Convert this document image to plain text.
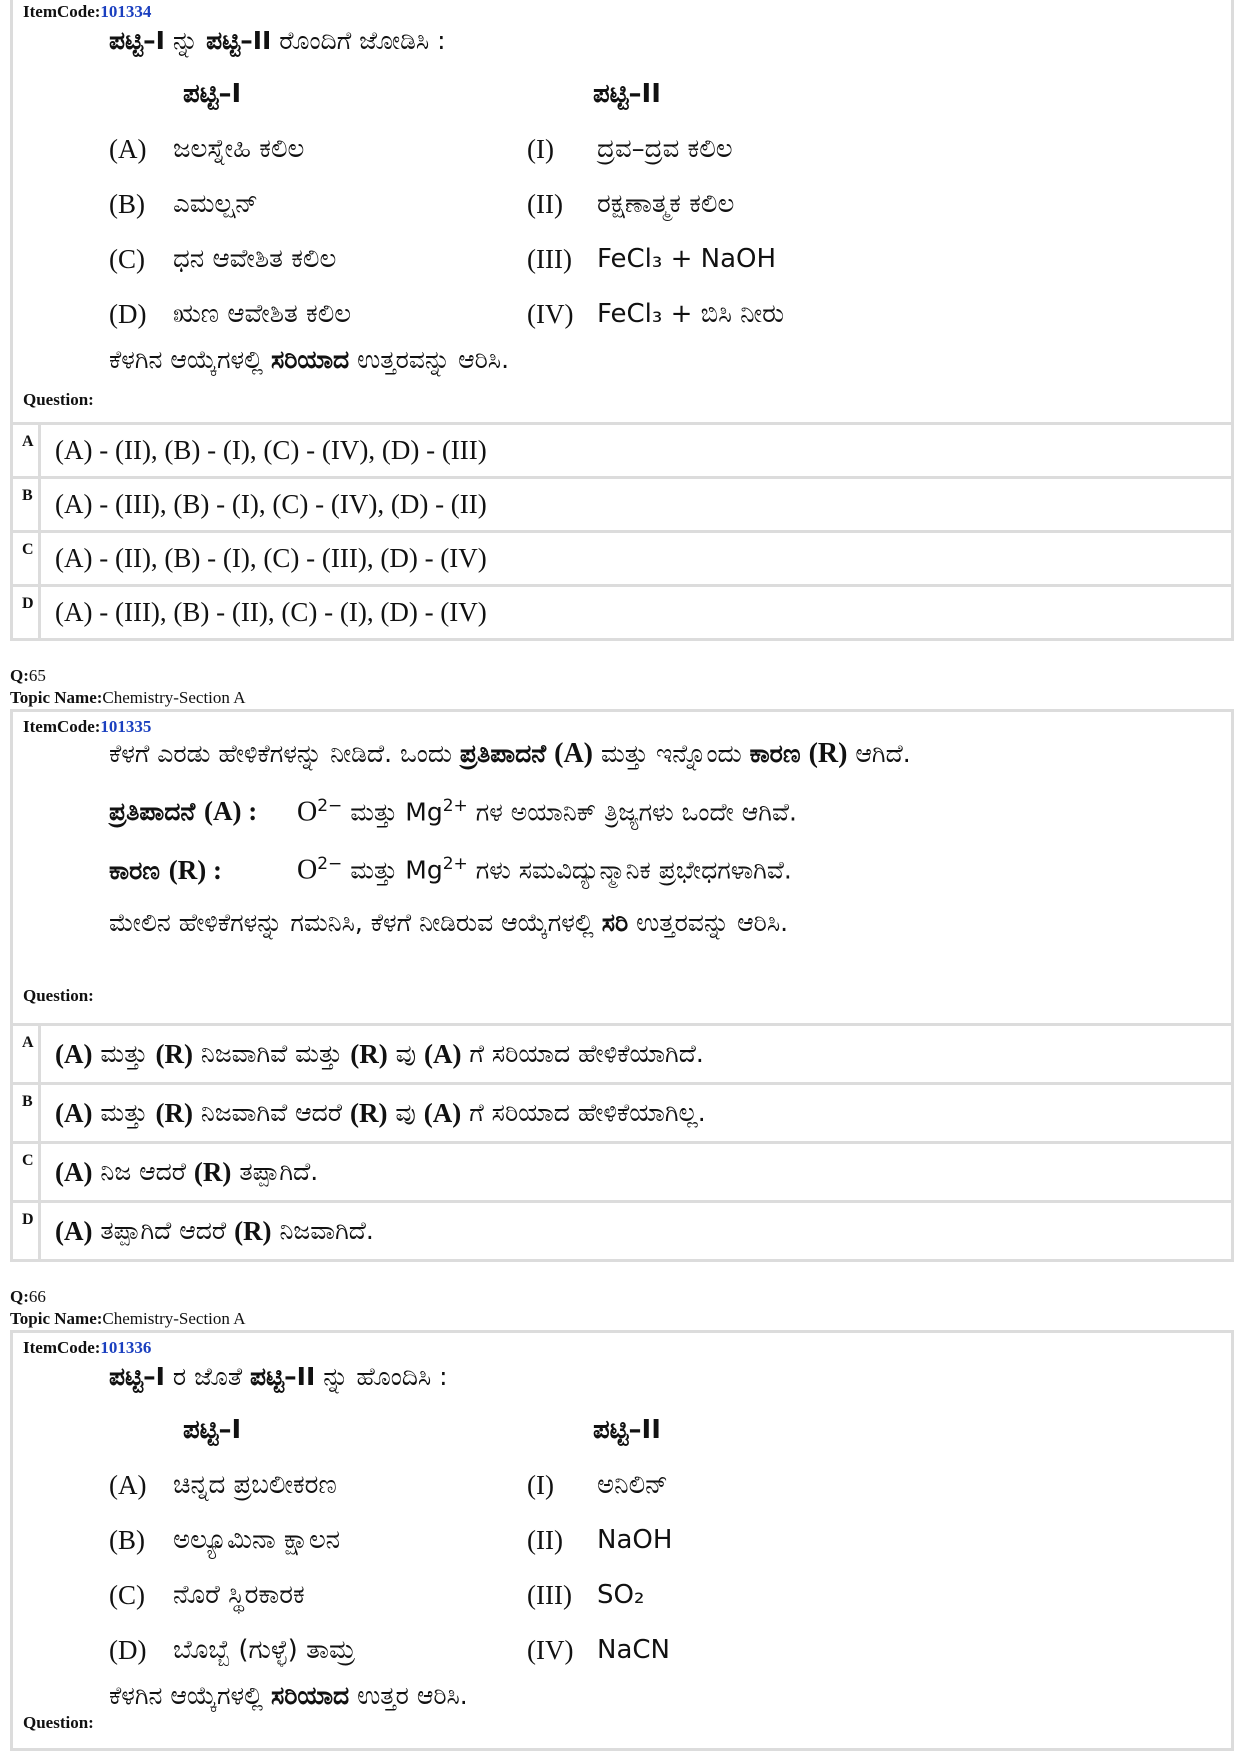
ItemCode:101334
ಪಟ್ಟಿ–I ನ್ನು ಪಟ್ಟಿ–II ರೊಂದಿಗೆ ಜೋಡಿಸಿ :
ಪಟ್ಟಿ–I	ಪಟ್ಟಿ–II
(A)	ಜಲಸ್ನೇಹಿ ಕಲಿಲ	(I)	ದ್ರವ–ದ್ರವ ಕಲಿಲ
(B)	ಎಮಲ್ಷನ್	(II)	ರಕ್ಷಣಾತ್ಮಕ ಕಲಿಲ
(C)	ಧನ ಆವೇಶಿತ ಕಲಿಲ	(III) FeCl₃ + NaOH
(D)	ಋಣ ಆವೇಶಿತ ಕಲಿಲ	(IV) FeCl₃ + ಬಿಸಿ ನೀರು
ಕೆಳಗಿನ ಆಯ್ಕೆಗಳಲ್ಲಿ ಸರಿಯಾದ ಉತ್ತರವನ್ನು ಆರಿಸಿ.
Question:
A (A) - (II), (B) - (I), (C) - (IV), (D) - (III)
B (A) - (III), (B) - (I), (C) - (IV), (D) - (II)
C (A) - (II), (B) - (I), (C) - (III), (D) - (IV)
D (A) - (III), (B) - (II), (C) - (I), (D) - (IV)
Q:65
Topic Name:Chemistry-Section A
ItemCode:101335
ಕೆಳಗೆ ಎರಡು ಹೇಳಿಕೆಗಳನ್ನು ನೀಡಿದೆ. ಒಂದು ಪ್ರತಿಪಾದನೆ (A) ಮತ್ತು ಇನ್ನೊಂದು ಕಾರಣ (R) ಆಗಿದೆ.
ಪ್ರತಿಪಾದನೆ (A) :	$O^{2-}$ ಮತ್ತು $Mg^{2+}$ ಗಳ ಅಯಾನಿಕ್ ತ್ರಿಜ್ಯಗಳು ಒಂದೇ ಆಗಿವೆ.
ಕಾರಣ (R) :	$O^{2-}$ ಮತ್ತು $Mg^{2+}$ ಗಳು ಸಮವಿದ್ಯುನ್ಮಾನಿಕ ಪ್ರಭೇಧಗಳಾಗಿವೆ.
ಮೇಲಿನ ಹೇಳಿಕೆಗಳನ್ನು ಗಮನಿಸಿ, ಕೆಳಗೆ ನೀಡಿರುವ ಆಯ್ಕೆಗಳಲ್ಲಿ ಸರಿ ಉತ್ತರವನ್ನು ಆರಿಸಿ.
Question:
A (A) ಮತ್ತು (R) ನಿಜವಾಗಿವೆ ಮತ್ತು (R) ವು (A) ಗೆ ಸರಿಯಾದ ಹೇಳಿಕೆಯಾಗಿದೆ.
B (A) ಮತ್ತು (R) ನಿಜವಾಗಿವೆ ಆದರೆ (R) ವು (A) ಗೆ ಸರಿಯಾದ ಹೇಳಿಕೆಯಾಗಿಲ್ಲ.
C (A) ನಿಜ ಆದರೆ (R) ತಪ್ಪಾಗಿದೆ.
D (A) ತಪ್ಪಾಗಿದೆ ಆದರೆ (R) ನಿಜವಾಗಿದೆ.
Q:66
Topic Name:Chemistry-Section A
ItemCode:101336
ಪಟ್ಟಿ–I ರ ಜೊತೆ ಪಟ್ಟಿ–II ನ್ನು ಹೊಂದಿಸಿ :
ಪಟ್ಟಿ–I	ಪಟ್ಟಿ–II
(A)	ಚಿನ್ನದ ಪ್ರಬಲೀಕರಣ	(I)	ಅನಿಲಿನ್
(B)	ಅಲ್ಯೂಮಿನಾ ಕ್ಷಾಲನ	(II)	NaOH
(C)	ನೊರೆ ಸ್ಥಿರಕಾರಕ	(III) SO₂
(D)	ಬೊಬ್ಬೆ (ಗುಳ್ಳೆ) ತಾಮ್ರ	(IV) NaCN
ಕೆಳಗಿನ ಆಯ್ಕೆಗಳಲ್ಲಿ ಸರಿಯಾದ ಉತ್ತರ ಆರಿಸಿ.
Question:
